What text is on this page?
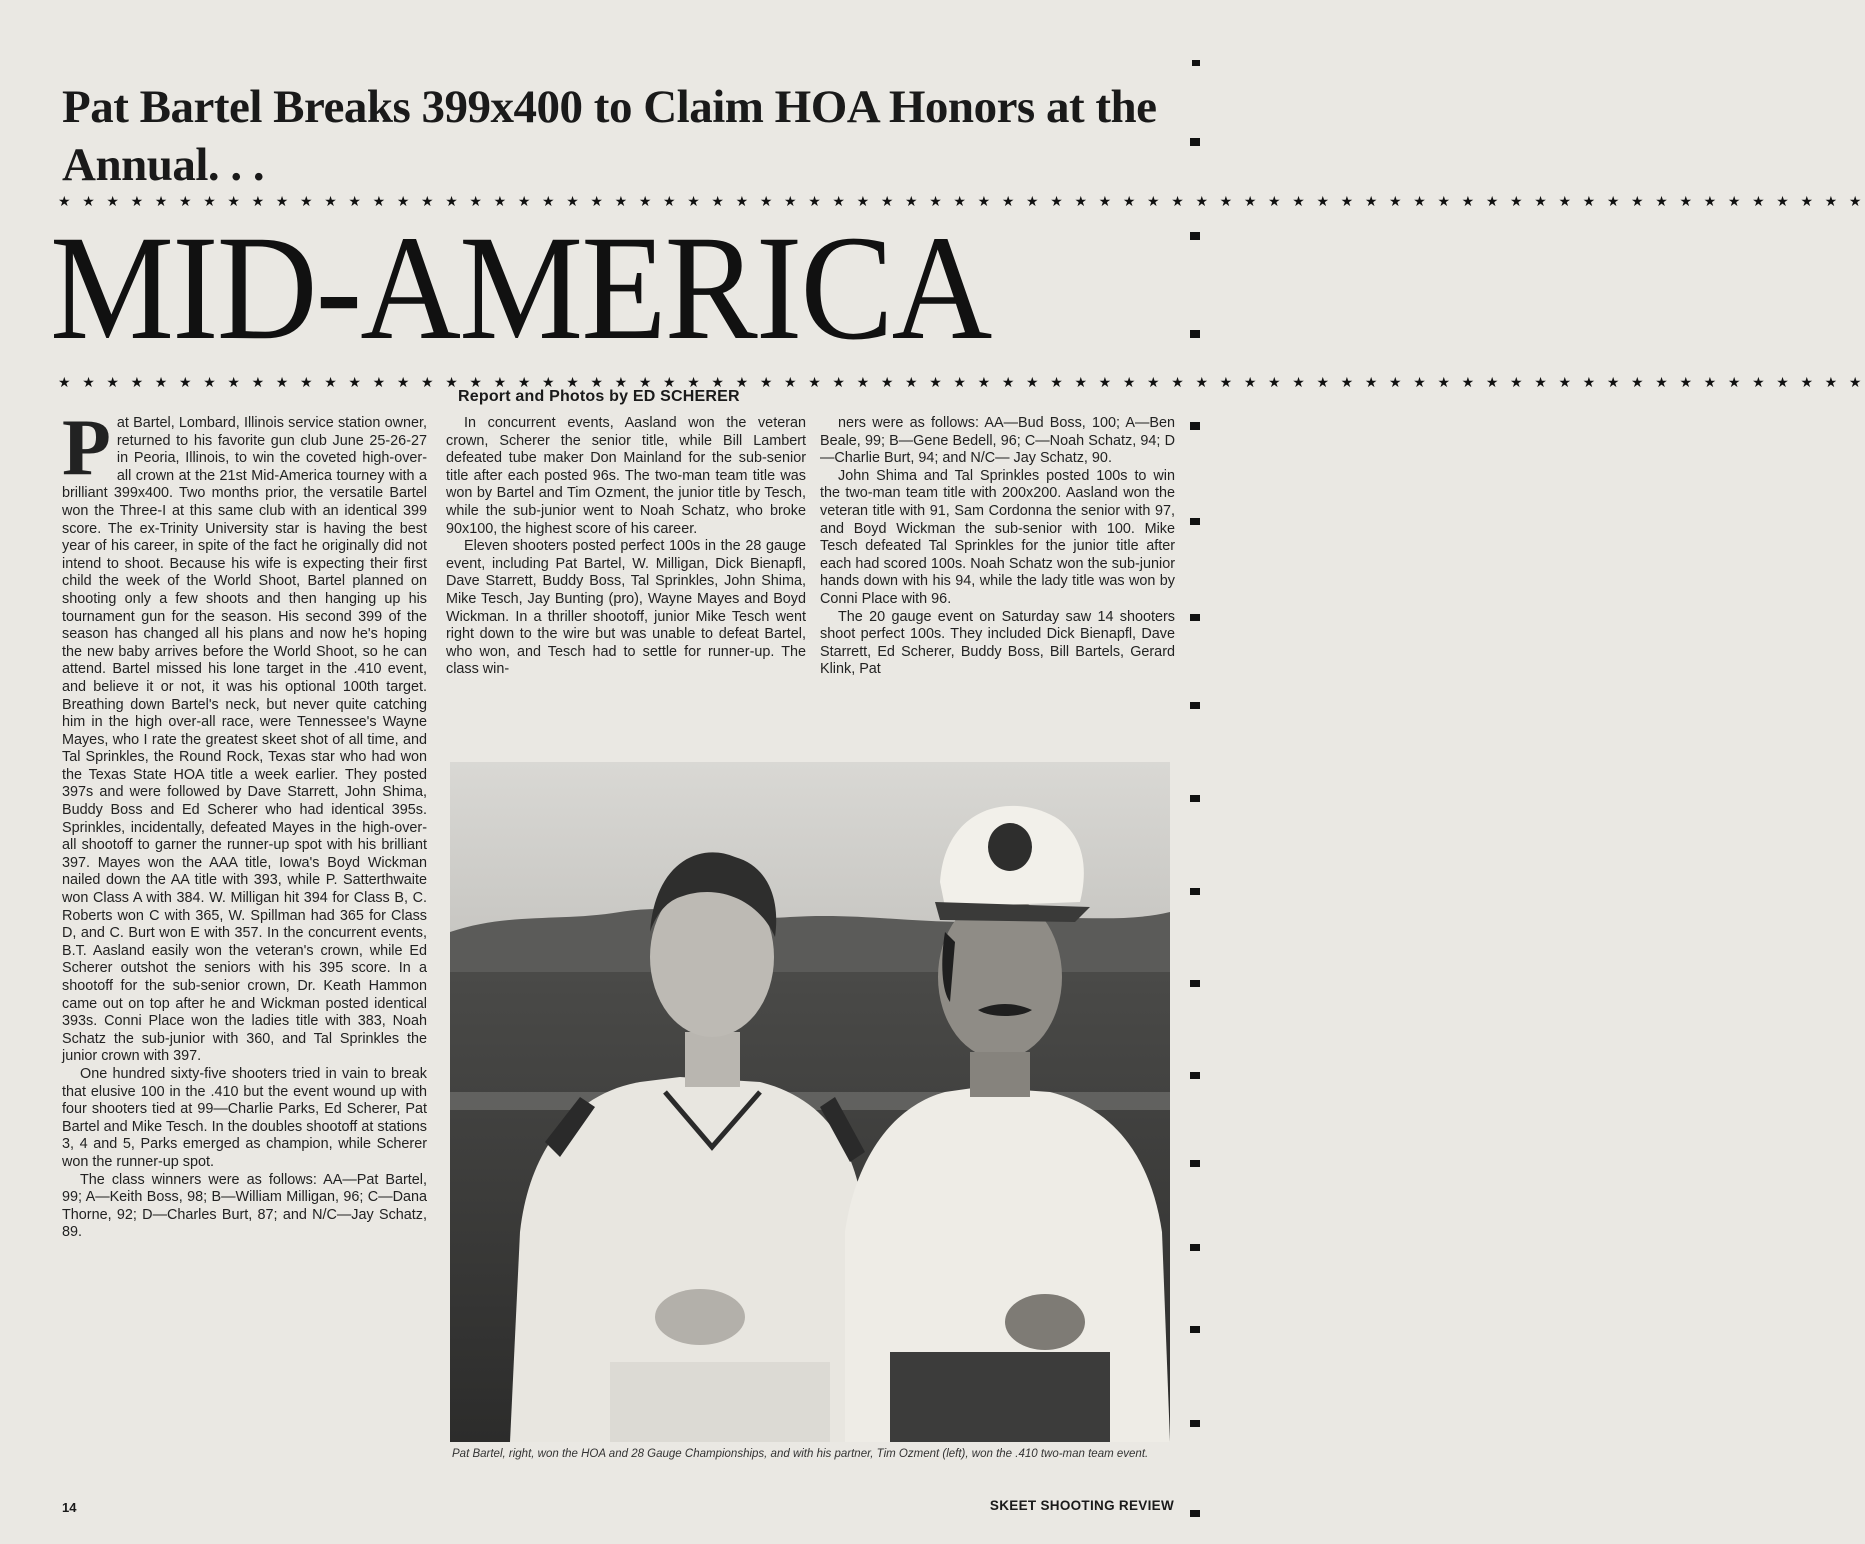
Pat Bartel Breaks 399x400 to Claim HOA Honors at the Annual. . .
★ ★ ★ ★ ★ ★ ★ ★ ★ ★ ★ ★ ★ ★ ★ ★ ★ ★ ★ ★ ★ ★ ★ ★ ★ ★ ★ ★ ★ ★ ★ ★ ★ ★ ★ ★ ★ ★ ★ ★ ★ ★ ★ ★ ★ ★ ★ ★ ★ ★ ★ ★ ★ ★ ★ ★ ★ ★ ★ ★ ★ ★ ★ ★ ★ ★ ★ ★ ★ ★ ★ ★ ★ ★ ★
MID-AMERICA
★ ★ ★ ★ ★ ★ ★ ★ ★ ★ ★ ★ ★ ★ ★ ★ ★ ★ ★ ★ ★ ★ ★ ★ ★ ★ ★ ★ ★ ★ ★ ★ ★ ★ ★ ★ ★ ★ ★ ★ ★ ★ ★ ★ ★ ★ ★ ★ ★ ★ ★ ★ ★ ★ ★ ★ ★ ★ ★ ★ ★ ★ ★ ★ ★ ★ ★ ★ ★ ★ ★ ★ ★ ★ ★
Report and Photos by ED SCHERER

Pat Bartel, Lombard, Illinois service station owner, returned to his favorite gun club June 25-26-27 in Peoria, Illinois, to win the coveted high-over-all crown at the 21st Mid-America tourney with a brilliant 399x400. Two months prior, the versatile Bartel won the Three-I at this same club with an identical 399 score. The ex-Trinity University star is having the best year of his career, in spite of the fact he originally did not intend to shoot. Because his wife is expecting their first child the week of the World Shoot, Bartel planned on shooting only a few shoots and then hanging up his tournament gun for the season. His second 399 of the season has changed all his plans and now he's hoping the new baby arrives before the World Shoot, so he can attend. Bartel missed his lone target in the .410 event, and believe it or not, it was his optional 100th target. Breathing down Bartel's neck, but never quite catching him in the high over-all race, were Tennessee's Wayne Mayes, who I rate the greatest skeet shot of all time, and Tal Sprinkles, the Round Rock, Texas star who had won the Texas State HOA title a week earlier. They posted 397s and were followed by Dave Starrett, John Shima, Buddy Boss and Ed Scherer who had identical 395s. Sprinkles, incidentally, defeated Mayes in the high-over-all shootoff to garner the runner-up spot with his brilliant 397. Mayes won the AAA title, Iowa's Boyd Wickman nailed down the AA title with 393, while P. Satterthwaite won Class A with 384. W. Milligan hit 394 for Class B, C. Roberts won C with 365, W. Spillman had 365 for Class D, and C. Burt won E with 357. In the concurrent events, B.T. Aasland easily won the veteran's crown, while Ed Scherer outshot the seniors with his 395 score. In a shootoff for the sub-senior crown, Dr. Keath Hammon came out on top after he and Wickman posted identical 393s. Conni Place won the ladies title with 383, Noah Schatz the sub-junior with 360, and Tal Sprinkles the junior crown with 397.

One hundred sixty-five shooters tried in vain to break that elusive 100 in the .410 but the event wound up with four shooters tied at 99—Charlie Parks, Ed Scherer, Pat Bartel and Mike Tesch. In the doubles shootoff at stations 3, 4 and 5, Parks emerged as champion, while Scherer won the runner-up spot.

The class winners were as follows: AA—Pat Bartel, 99; A—Keith Boss, 98; B—William Milligan, 96; C—Dana Thorne, 92; D—Charles Burt, 87; and N/C—Jay Schatz, 89.

In concurrent events, Aasland won the veteran crown, Scherer the senior title, while Bill Lambert defeated tube maker Don Mainland for the sub-senior title after each posted 96s. The two-man team title was won by Bartel and Tim Ozment, the junior title by Tesch, while the sub-junior went to Noah Schatz, who broke 90x100, the highest score of his career.

Eleven shooters posted perfect 100s in the 28 gauge event, including Pat Bartel, W. Milligan, Dick Bienapfl, Dave Starrett, Buddy Boss, Tal Sprinkles, John Shima, Mike Tesch, Jay Bunting (pro), Wayne Mayes and Boyd Wickman. In a thriller shootoff, junior Mike Tesch went right down to the wire but was unable to defeat Bartel, who won, and Tesch had to settle for runner-up. The class win-

ners were as follows: AA—Bud Boss, 100; A—Ben Beale, 99; B—Gene Bedell, 96; C—Noah Schatz, 94; D—Charlie Burt, 94; and N/C— Jay Schatz, 90.

John Shima and Tal Sprinkles posted 100s to win the two-man team title with 200x200. Aasland won the veteran title with 91, Sam Cordonna the senior with 97, and Boyd Wickman the sub-senior with 100. Mike Tesch defeated Tal Sprinkles for the junior title after each had scored 100s. Noah Schatz won the sub-junior hands down with his 94, while the lady title was won by Conni Place with 96.

The 20 gauge event on Saturday saw 14 shooters shoot perfect 100s. They included Dick Bienapfl, Dave Starrett, Ed Scherer, Buddy Boss, Bill Bartels, Gerard Klink, Pat

Pat Bartel, right, won the HOA and 28 Gauge Championships, and with his partner, Tim Ozment (left), won the .410 two-man team event.

14	SKEET SHOOTING REVIEW
